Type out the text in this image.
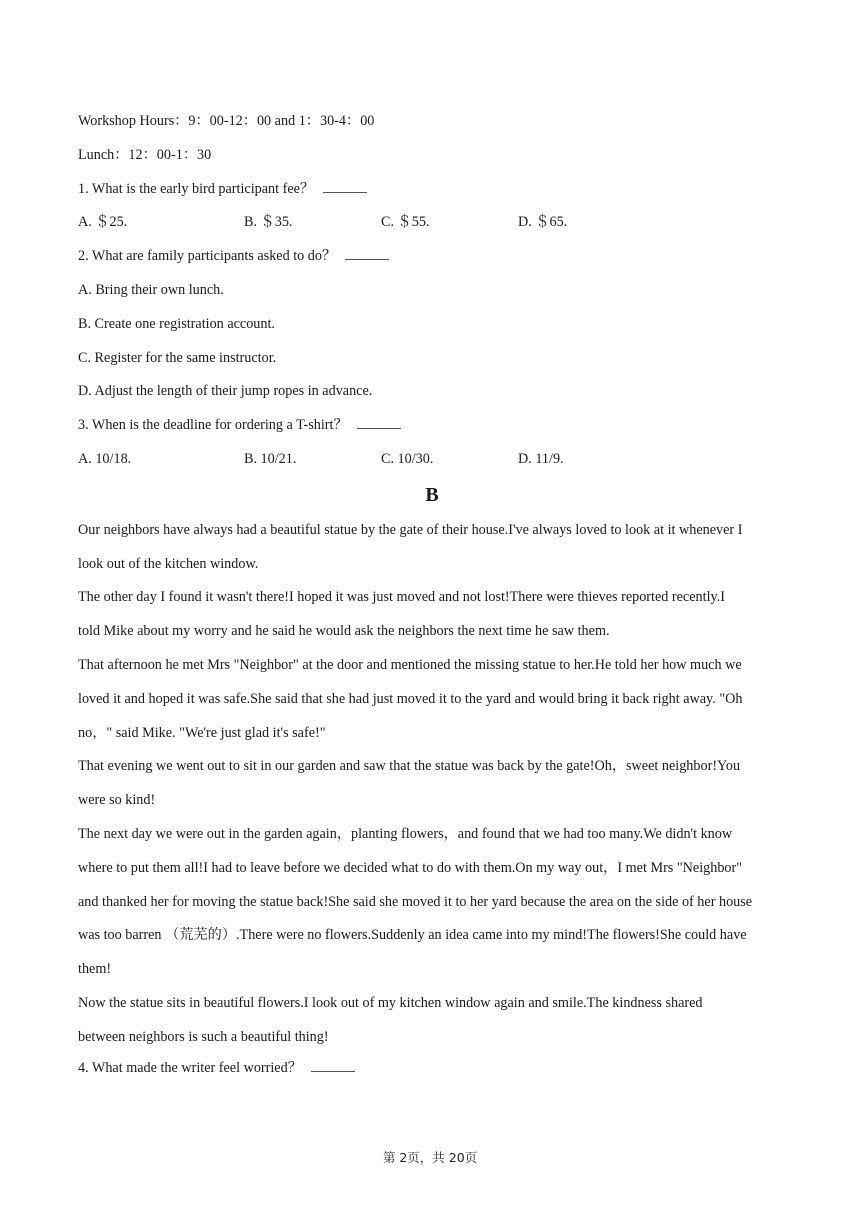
Workshop Hours：9：00-12：00 and 1：30-4：00
Lunch：12：00-1：30
1. What is the early bird participant fee？
A. ＄25.	B. ＄35.	C. ＄55.	D. ＄65.
2. What are family participants asked to do？
A. Bring their own lunch.
B. Create one registration account.
C. Register for the same instructor.
D. Adjust the length of their jump ropes in advance.
3. When is the deadline for ordering a T-shirt？
A. 10/18.	B. 10/21.	C. 10/30.	D. 11/9.
B
Our neighbors have always had a beautiful statue by the gate of their house.I've always loved to look at it whenever I
look out of the kitchen window.
The other day I found it wasn't there!I hoped it was just moved and not lost!There were thieves reported recently.I
told Mike about my worry and he said he would ask the neighbors the next time he saw them.
That afternoon he met Mrs "Neighbor" at the door and mentioned the missing statue to her.He told her how much we
loved it and hoped it was safe.She said that she had just moved it to the yard and would bring it back right away. "Oh
no，" said Mike. "We're just glad it's safe!"
That evening we went out to sit in our garden and saw that the statue was back by the gate!Oh，sweet neighbor!You
were so kind!
The next day we were out in the garden again，planting flowers，and found that we had too many.We didn't know
where to put them all!I had to leave before we decided what to do with them.On my way out，I met Mrs "Neighbor"
and thanked her for moving the statue back!She said she moved it to her yard because the area on the side of her house
was too barren （荒芜的）.There were no flowers.Suddenly an idea came into my mind!The flowers!She could have
them!
Now the statue sits in beautiful flowers.I look out of my kitchen window again and smile.The kindness shared
between neighbors is such a beautiful thing!
4. What made the writer feel worried？
第 2页，共 20页
